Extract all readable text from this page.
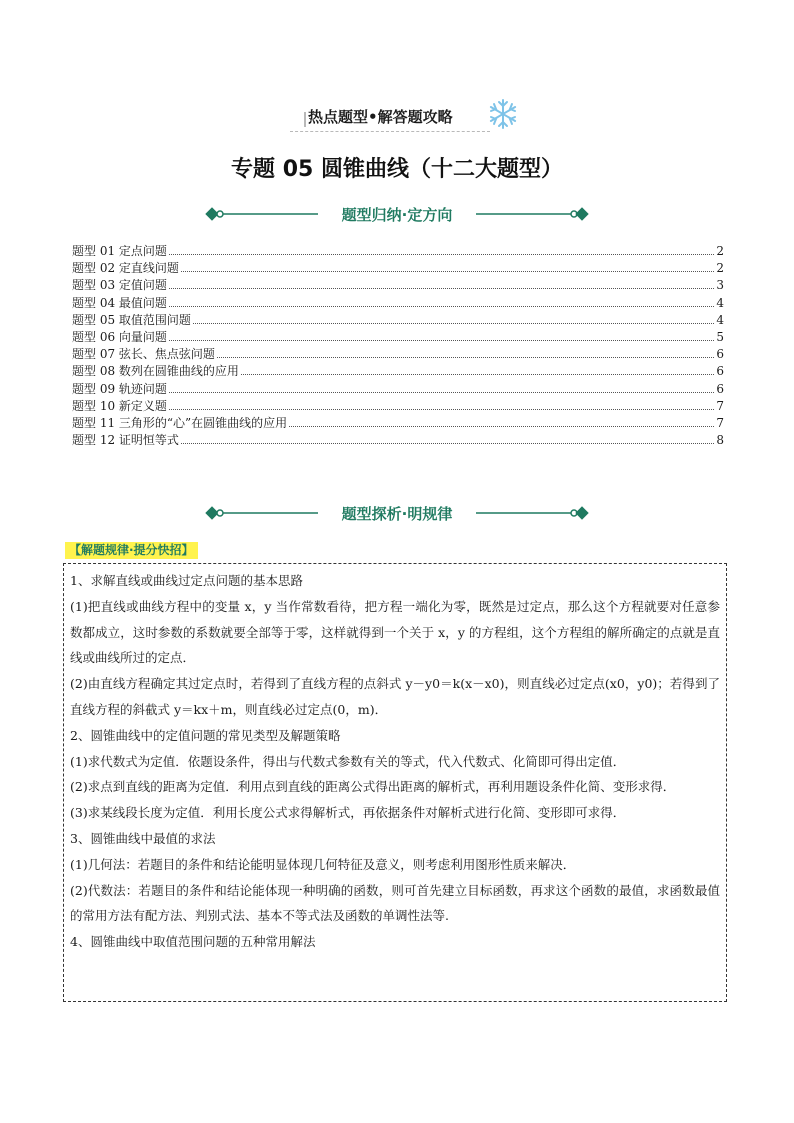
热点题型•解答题攻略
专题 05 圆锥曲线（十二大题型）
题型归纳·定方向
题型 01 定点问题	2
题型 02 定直线问题	2
题型 03 定值问题	3
题型 04 最值问题	4
题型 05 取值范围问题	4
题型 06 向量问题	5
题型 07 弦长、焦点弦问题	6
题型 08 数列在圆锥曲线的应用	6
题型 09 轨迹问题	6
题型 10 新定义题	7
题型 11 三角形的“心”在圆锥曲线的应用	7
题型 12 证明恒等式	8
题型探析·明规律
【解题规律·提分快招】

1、求解直线或曲线过定点问题的基本思路

(1)把直线或曲线方程中的变量 x，y 当作常数看待，把方程一端化为零，既然是过定点，那么这个方程就要对任意参数都成立，这时参数的系数就要全部等于零，这样就得到一个关于 x，y 的方程组，这个方程组的解所确定的点就是直线或曲线所过的定点．

(2)由直线方程确定其过定点时，若得到了直线方程的点斜式 y－y0＝k(x－x0)，则直线必过定点(x0，y0)；若得到了直线方程的斜截式 y＝kx＋m，则直线必过定点(0，m)．

2、圆锥曲线中的定值问题的常见类型及解题策略

(1)求代数式为定值．依题设条件，得出与代数式参数有关的等式，代入代数式、化简即可得出定值．

(2)求点到直线的距离为定值．利用点到直线的距离公式得出距离的解析式，再利用题设条件化简、变形求得．

(3)求某线段长度为定值．利用长度公式求得解析式，再依据条件对解析式进行化简、变形即可求得．

3、圆锥曲线中最值的求法

(1)几何法：若题目的条件和结论能明显体现几何特征及意义，则考虑利用图形性质来解决．

(2)代数法：若题目的条件和结论能体现一种明确的函数，则可首先建立目标函数，再求这个函数的最值，求函数最值的常用方法有配方法、判别式法、基本不等式法及函数的单调性法等.

4、圆锥曲线中取值范围问题的五种常用解法
